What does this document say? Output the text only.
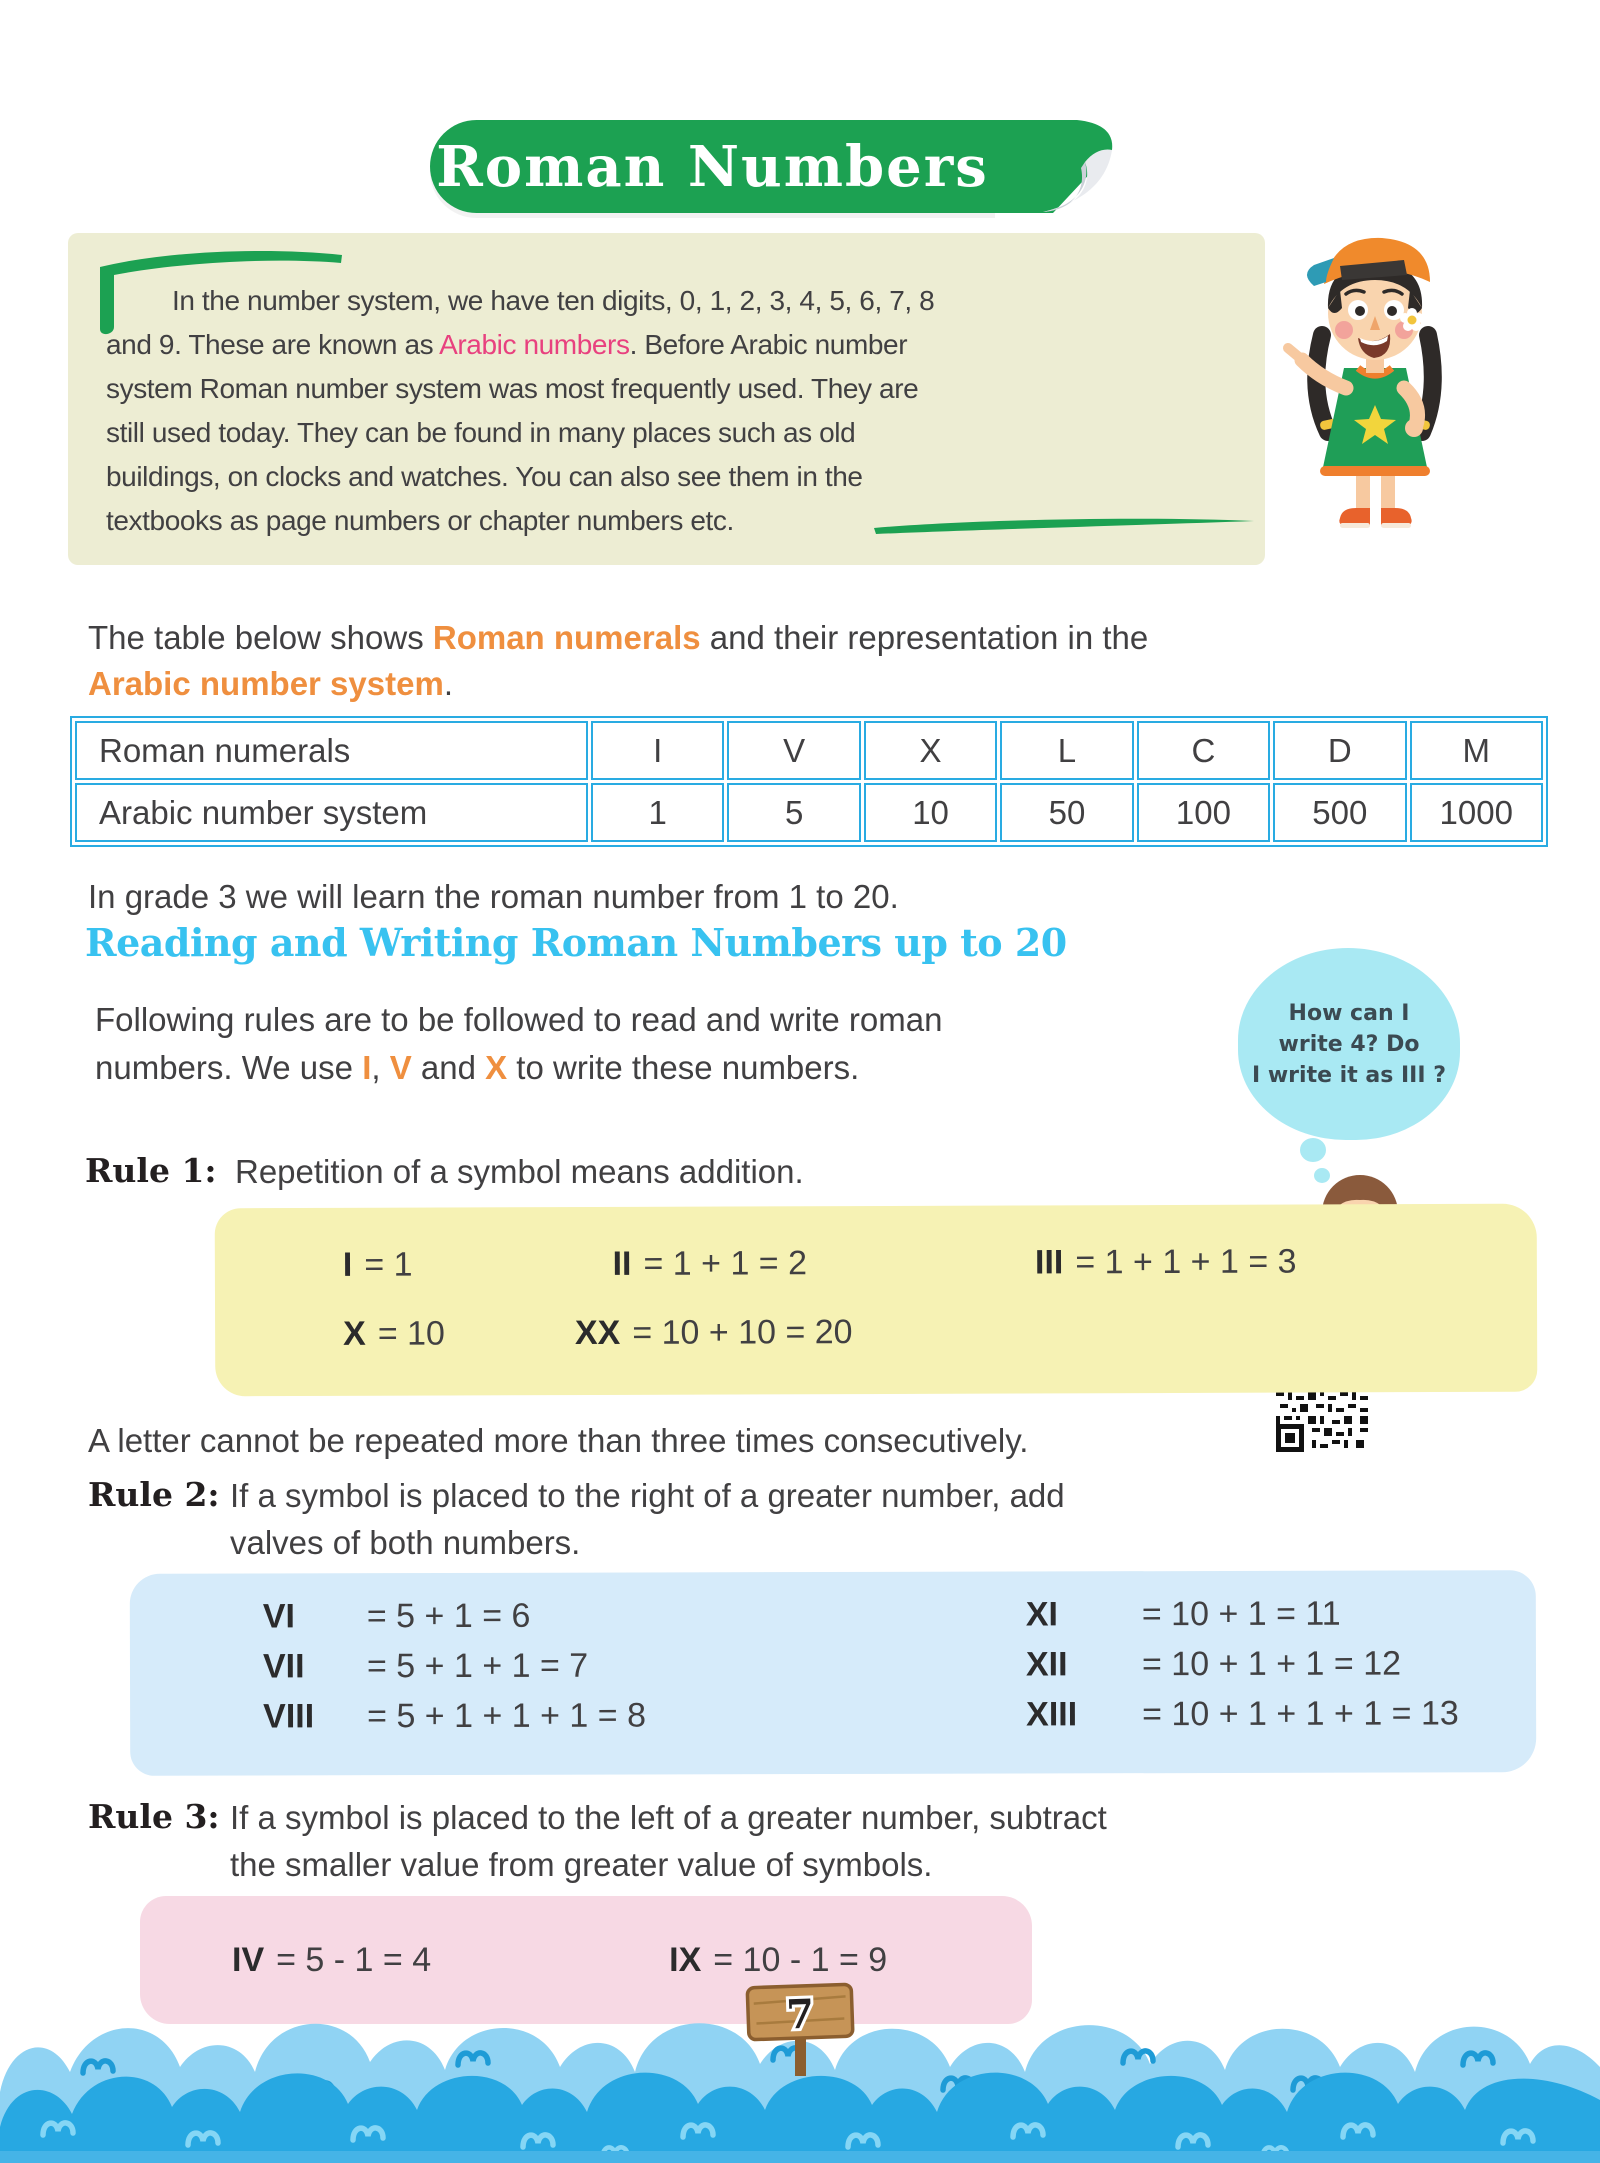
Roman Numbers

In the number system, we have ten digits, 0, 1, 2, 3, 4, 5, 6, 7, 8
and 9. These are known as Arabic numbers. Before Arabic number
system Roman number system was most frequently used. They are
still used today. They can be found in many places such as old
buildings, on clocks and watches. You can also see them in the
textbooks as page numbers or chapter numbers etc.

The table below shows Roman numerals and their representation in the
Arabic number system.

Roman numerals	I	V	X	L	C	D	M
Arabic number system	1	5	10	50	100	500	1000
In grade 3 we will learn the roman number from 1 to 20.
Reading and Writing Roman Numbers up to 20

Following rules are to be followed to read and write roman
numbers. We use I, V and X to write these numbers.

How can I
write 4? Do
I write it as III ?
Rule 1: Repetition of a symbol means addition.
I = 1	II = 1 + 1 = 2	III = 1 + 1 + 1 = 3
X = 10	XX = 10 + 10 = 20
A letter cannot be repeated more than three times consecutively.
Rule 2: If a symbol is placed to the right of a greater number, add
valves of both numbers.
VI = 5 + 1 = 6	XI = 10 + 1 = 11
VII = 5 + 1 + 1 = 7	XII = 10 + 1 + 1 = 12
VIII = 5 + 1 + 1 + 1 = 8	XIII = 10 + 1 + 1 + 1 = 13
Rule 3: If a symbol is placed to the left of a greater number, subtract
the smaller value from greater value of symbols.
IV = 5 - 1 = 4	IX = 10 - 1 = 9
7
